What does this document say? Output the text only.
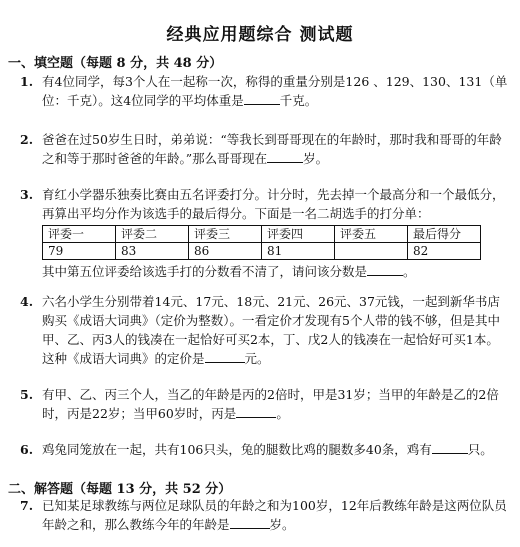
经典应用题综合 测试题
一、填空题（每题 8 分，共 48 分）
1. 有4位同学，每3个人在一起称一次，称得的重量分别是126 、129、130、131（单位：千克）。这4位同学的平均体重是	千克。
2. 爸爸在过50岁生日时，弟弟说：“等我长到哥哥现在的年龄时，那时我和哥哥的年龄之和等于那时爸爸的年龄。”那么哥哥现在	岁。
3. 育红小学器乐独奏比赛由五名评委打分。计分时，先去掉一个最高分和一个最低分，再算出平均分作为该选手的最后得分。下面是一名二胡选手的打分单：
评委一	评委二	评委三	评委四	评委五	最后得分
79	83	86	81		82
其中第五位评委给该选手打的分数看不清了，请问该分数是	。
4. 六名小学生分别带着14元、17元、18元、21元、26元、37元钱，一起到新华书店购买《成语大词典》（定价为整数）。一看定价才发现有5个人带的钱不够，但是其中甲、乙、丙3人的钱凑在一起恰好可买2本，丁、戊2人的钱凑在一起恰好可买1本。这种《成语大词典》的定价是	元。
5. 有甲、乙、丙三个人，当乙的年龄是丙的2倍时，甲是31岁；当甲的年龄是乙的2倍时，丙是22岁；当甲60岁时，丙是	。
6. 鸡兔同笼放在一起，共有106只头，兔的腿数比鸡的腿数多40条，鸡有	只。
二、解答题（每题 13 分，共 52 分）
7. 已知某足球教练与两位足球队员的年龄之和为100岁，12年后教练年龄是这两位队员年龄之和，那么教练今年的年龄是	岁。
